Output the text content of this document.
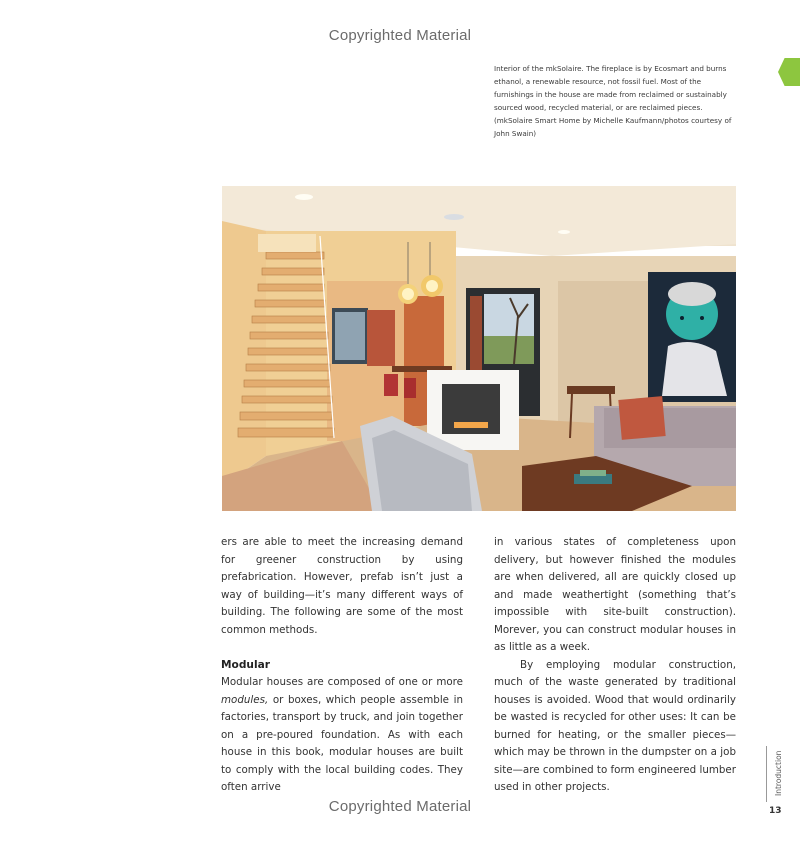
Copyrighted Material

Interior of the mkSolaire. The fireplace is by Ecosmart and burns ethanol, a renewable resource, not fossil fuel. Most of the furnishings in the house are made from reclaimed or sustainably sourced wood, recycled material, or are reclaimed pieces. (mkSolaire Smart Home by Michelle Kaufmann/photos courtesy of John Swain)

ers are able to meet the increasing demand for greener construction by using prefabrication. However, prefab isn’t just a way of building—it’s many different ways of building. The following are some of the most common methods.

Modular

Modular houses are composed of one or more modules, or boxes, which people assemble in factories, transport by truck, and join together on a pre-poured foundation. As with each house in this book, modular houses are built to comply with the local building codes. They often arrive

in various states of completeness upon delivery, but however finished the modules are when delivered, all are quickly closed up and made weathertight (something that’s impossible with site-built construction). Morever, you can construct modular houses in as little as a week.

By employing modular construction, much of the waste generated by traditional houses is avoided. Wood that would ordinarily be wasted is recycled for other uses: It can be burned for heating, or the smaller pieces—which may be thrown in the dumpster on a job site—are combined to form engineered lumber used in other projects.	Introduction
13
Copyrighted Material
